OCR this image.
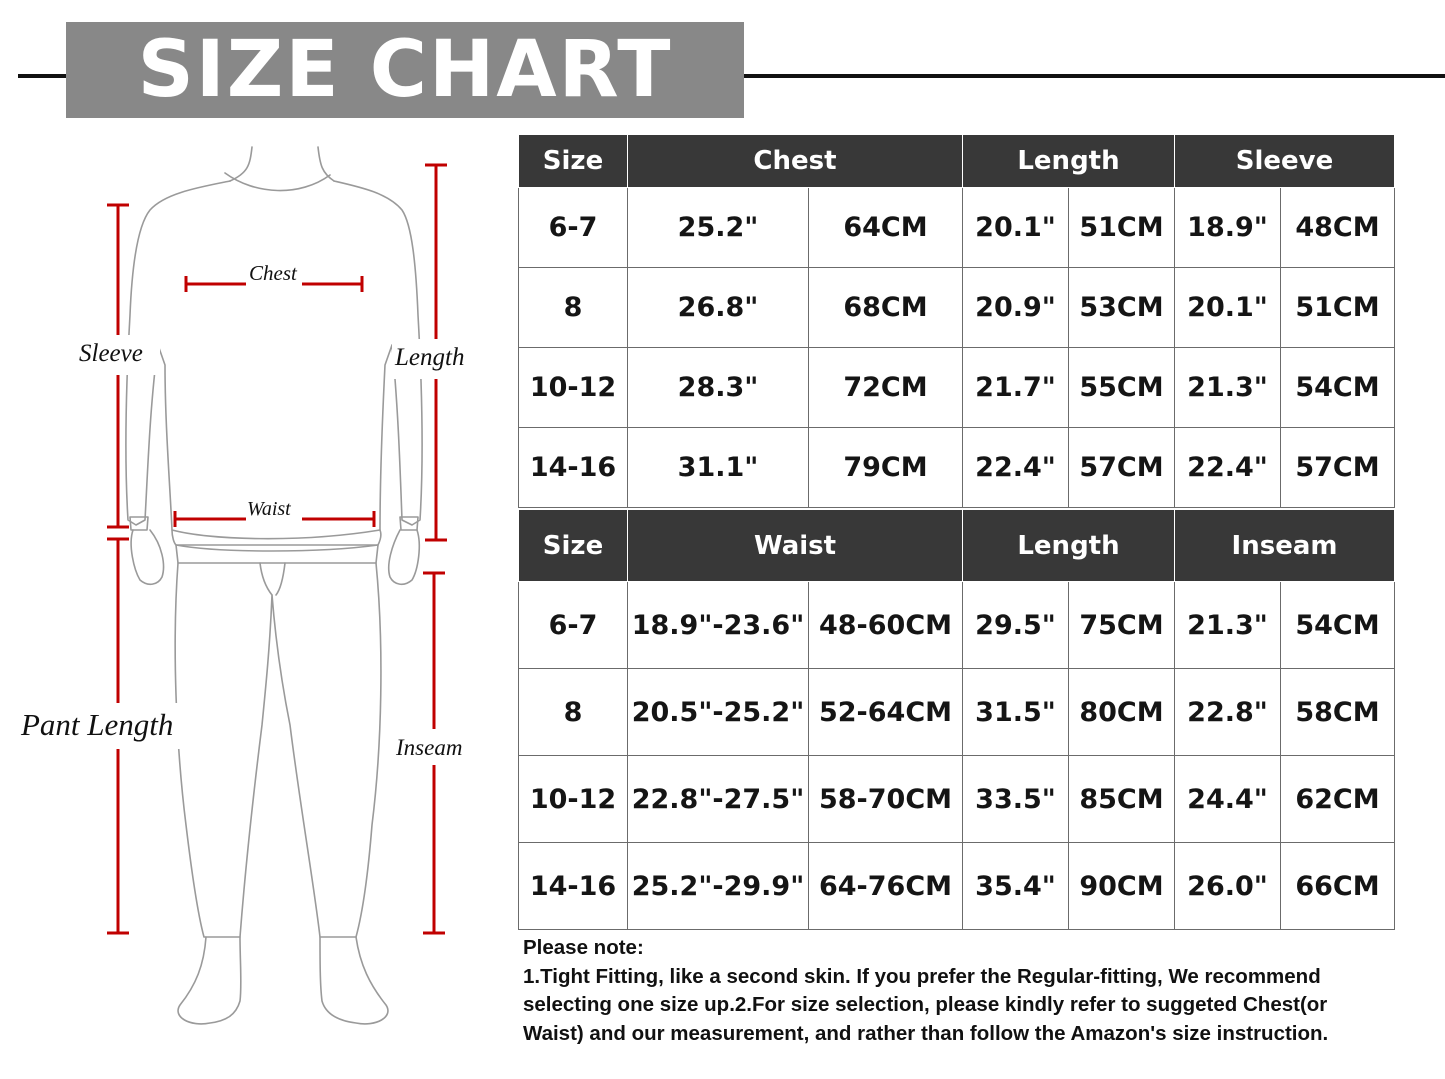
SIZE CHART
Chest
Sleeve	Length
Waist
Pant Length
Inseam
Size	Chest		Length		Sleeve	
6-7	25.2"	64CM	20.1"	51CM	18.9"	48CM
8	26.8"	68CM	20.9"	53CM	20.1"	51CM
10-12	28.3"	72CM	21.7"	55CM	21.3"	54CM
14-16	31.1"	79CM	22.4"	57CM	22.4"	57CM
Size	Waist		Length		Inseam	
6-7	18.9"-23.6"	48-60CM	29.5"	75CM	21.3"	54CM
8	20.5"-25.2"	52-64CM	31.5"	80CM	22.8"	58CM
10-12	22.8"-27.5"	58-70CM	33.5"	85CM	24.4"	62CM
14-16	25.2"-29.9"	64-76CM	35.4"	90CM	26.0"	66CM

Please note:

1.Tight Fitting, like a second skin. If you prefer the Regular-fitting, We recommend

selecting one size up.2.For size selection, please kindly refer to suggeted Chest(or

Waist) and our measurement, and rather than follow the Amazon's size instruction.
